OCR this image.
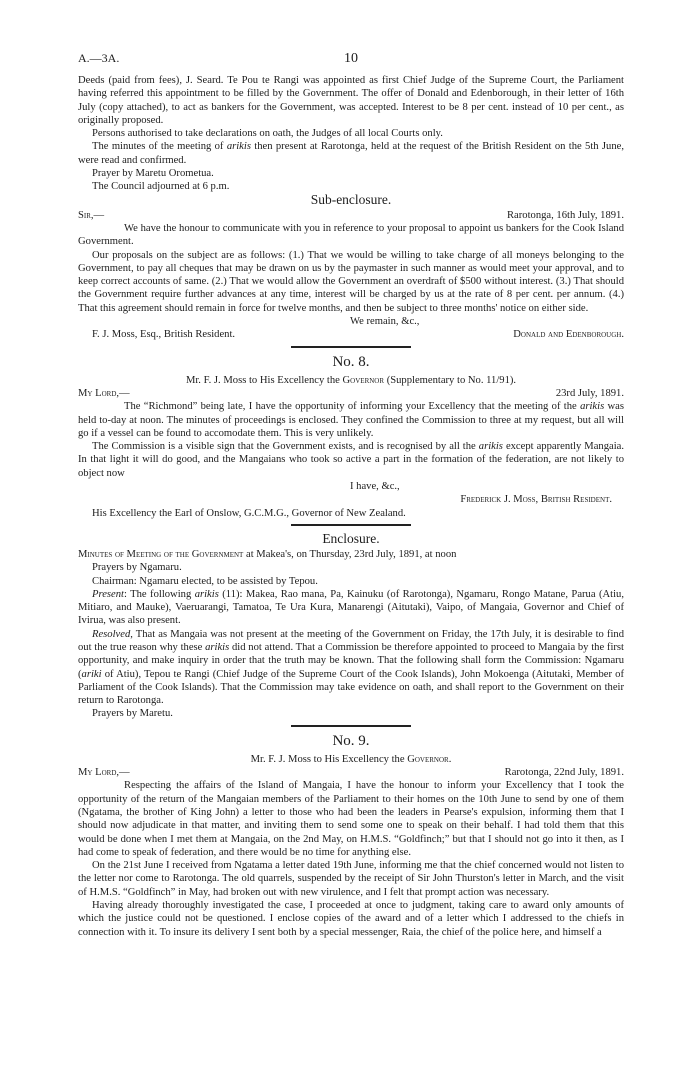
A.—3A.	10

Deeds (paid from fees), J. Seard. Te Pou te Rangi was appointed as first Chief Judge of the Supreme Court, the Parliament having referred this appointment to be filled by the Government. The offer of Donald and Edenborough, in their letter of 16th July (copy attached), to act as bankers for the Government, was accepted. Interest to be 8 per cent. instead of 10 per cent., as originally proposed.

Persons authorised to take declarations on oath, the Judges of all local Courts only.

The minutes of the meeting of arikis then present at Rarotonga, held at the request of the British Resident on the 5th June, were read and confirmed.

Prayer by Maretu Orometua.

The Council adjourned at 6 p.m.

Sub-enclosure.
Sir,—	Rarotonga, 16th July, 1891.

We have the honour to communicate with you in reference to your proposal to appoint us bankers for the Cook Island Government.

Our proposals on the subject are as follows: (1.) That we would be willing to take charge of all moneys belonging to the Government, to pay all cheques that may be drawn on us by the paymaster in such manner as would meet your approval, and to keep correct accounts of same. (2.) That we would allow the Government an overdraft of $500 without interest. (3.) That should the Government require further advances at any time, interest will be charged by us at the rate of 8 per cent. per annum. (4.) That this agreement should remain in force for twelve months, and then be subject to three months' notice on either side.

We remain, &c.,

F. J. Moss, Esq., British Resident.	Donald and Edenborough.
No. 8.

Mr. F. J. Moss to His Excellency the Governor (Supplementary to No. 11/91).

My Lord,—	23rd July, 1891.

The “Richmond” being late, I have the opportunity of informing your Excellency that the meeting of the arikis was held to-day at noon. The minutes of proceedings is enclosed. They confined the Commission to three at my request, but all will go if a vessel can be found to accomodate them. This is very unlikely.

The Commission is a visible sign that the Government exists, and is recognised by all the arikis except apparently Mangaia. In that light it will do good, and the Mangaians who took so active a part in the formation of the federation, are not likely to object now

I have, &c.,

Frederick J. Moss, British Resident.

His Excellency the Earl of Onslow, G.C.M.G., Governor of New Zealand.

Enclosure.

Minutes of Meeting of the Government at Makea's, on Thursday, 23rd July, 1891, at noon

Prayers by Ngamaru.

Chairman: Ngamaru elected, to be assisted by Tepou.

Present: The following arikis (11): Makea, Rao mana, Pa, Kainuku (of Rarotonga), Ngamaru, Rongo Matane, Parua (Atiu, Mitiaro, and Mauke), Vaeruarangi, Tamatoa, Te Ura Kura, Manarengi (Aitutaki), Vaipo, of Mangaia, Governor and Chief of Ivirua, was also present.

Resolved, That as Mangaia was not present at the meeting of the Government on Friday, the 17th July, it is desirable to find out the true reason why these arikis did not attend. That a Commission be therefore appointed to proceed to Mangaia by the first opportunity, and make inquiry in order that the truth may be known. That the following shall form the Commission: Ngamaru (ariki of Atiu), Tepou te Rangi (Chief Judge of the Supreme Court of the Cook Islands), John Mokoenga (Aitutaki, Member of Parliament of the Cook Islands). That the Commission may take evidence on oath, and shall report to the Government on their return to Rarotonga.

Prayers by Maretu.

No. 9.

Mr. F. J. Moss to His Excellency the Governor.

My Lord,—	Rarotonga, 22nd July, 1891.

Respecting the affairs of the Island of Mangaia, I have the honour to inform your Excellency that I took the opportunity of the return of the Mangaian members of the Parliament to their homes on the 10th June to send by one of them (Ngatama, the brother of King John) a letter to those who had been the leaders in Pearse's expulsion, informing them that I should now adjudicate in that matter, and inviting them to send some one to speak on their behalf. I had told them that this would be done when I met them at Mangaia, on the 2nd May, on H.M.S. “Goldfinch;” but that I should not go into it then, as I had come to speak of federation, and there would be no time for anything else.

On the 21st June I received from Ngatama a letter dated 19th June, informing me that the chief concerned would not listen to the letter nor come to Rarotonga. The old quarrels, suspended by the receipt of Sir John Thurston's letter in March, and the visit of H.M.S. “Goldfinch” in May, had broken out with new virulence, and I felt that prompt action was necessary.

Having already thoroughly investigated the case, I proceeded at once to judgment, taking care to award only amounts of which the justice could not be questioned. I enclose copies of the award and of a letter which I addressed to the chiefs in connection with it. To insure its delivery I sent both by a special messenger, Raia, the chief of the police here, and himself a
